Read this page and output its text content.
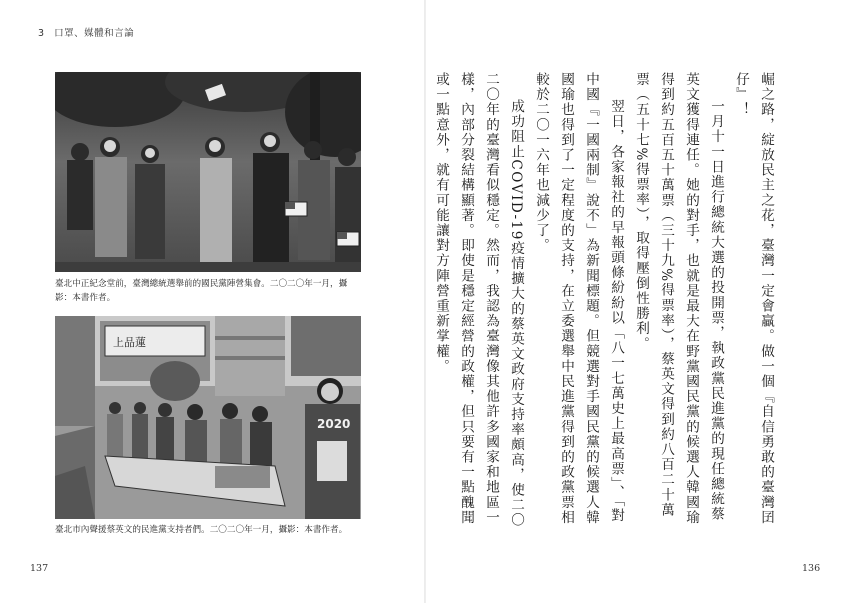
3 口罩、媒體和言論
臺北中正紀念堂前，臺灣總統選舉前的國民黨陣營集會。二〇二〇年一月，攝影：本書作者。
上品蓮
2020
臺北市內聲援蔡英文的民進黨支持者們。二〇二〇年一月，攝影：本書作者。
137

崛之路，綻放民主之花，臺灣一定會贏。做一個『自信勇敢的臺灣囝仔』！

一月十一日進行總統大選的投開票，執政黨民進黨的現任總統蔡英文獲得連任。她的對手，也就是最大在野黨國民黨的候選人韓國瑜得到約五百五十萬票（三十九%得票率），蔡英文得到約八百二十萬票（五十七%得票率），取得壓倒性勝利。

翌日，各家報社的早報頭條紛紛以「八一七萬史上最高票」、「對中國『一國兩制』說不」為新聞標題。但競選對手國民黨的候選人韓國瑜也得到了一定程度的支持，在立委選舉中民進黨得到的政黨票相較於二〇一六年也減少了。

成功阻止COVID-19疫情擴大的蔡英文政府支持率頗高，使二〇二〇年的臺灣看似穩定。然而，我認為臺灣像其他許多國家和地區一樣，內部分裂結構顯著。即使是穩定經營的政權，但只要有一點醜聞或一點意外，就有可能讓對方陣營重新掌權。

136
